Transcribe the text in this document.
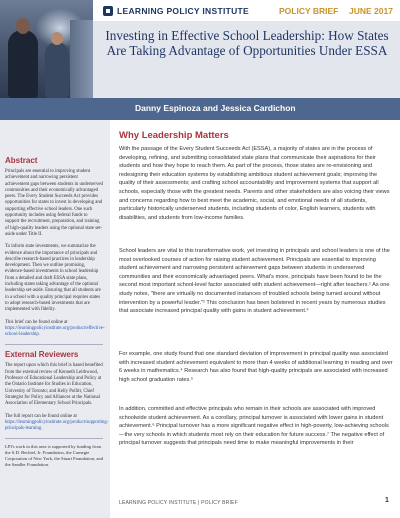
LEARNING POLICY INSTITUTE	POLICY BRIEF JUNE 2017
Investing in Effective School Leadership: How States Are Taking Advantage of Opportunities Under ESSA
Danny Espinoza and Jessica Cardichon
Abstract

Principals are essential to improving student achievement and narrowing persistent achievement gaps between students in underserved communities and their economically advantaged peers. The Every Student Succeeds Act provides opportunities for states to invest in developing and supporting effective school leaders. One such opportunity includes using federal funds to support the recruitment, preparation, and training of high-quality leaders using the optional state set-aside under Title II.

To inform state investments, we summarize the evidence about the importance of principals and describe research-based practices in leadership development. Then we outline promising, evidence-based investments in school leadership from a detailed and draft ESSA state plans, including states taking advantage of the optional leadership set-aside. Ensuring that all students are in a school with a quality principal requires states to adopt research-based investments that are implemented with fidelity.

This brief can be found online at https://learningpolicyinstitute.org/product/effective-school-leadership.

External Reviewers

The report upon which this brief is based benefited from the external review of Kenneth Leithwood, Professor of Educational Leadership and Policy at the Ontario Institute for Studies in Education, University of Toronto; and Kelly Pollitt, Chief Strategist for Policy and Alliances at the National Association of Elementary School Principals.

The full report can be found online at https://learningpolicyinstitute.org/product/supporting-principals-learning.

LPI's work in this area is supported by funding from the S.D. Bechtel, Jr. Foundation, the Carnegie Corporation of New York, the Stuart Foundation, and the Sandler Foundation.

Why Leadership Matters

With the passage of the Every Student Succeeds Act (ESSA), a majority of states are in the process of developing, refining, and submitting consolidated state plans that communicate their aspirations for their students and how they hope to reach them. As part of the process, those states are re-envisioning and redesigning their education systems by establishing ambitious student achievement goals; improving the quality of their assessments; and crafting school accountability and improvement systems that support all schools, especially those with the greatest needs. Parents and other stakeholders are also voicing their views and concerns regarding how to best meet the academic, social, and emotional needs of all students, particularly historically underserved students, including students of color, English learners, students with disabilities, and students from low-income families.

School leaders are vital to this transformative work, yet investing in principals and school leaders is one of the most overlooked courses of action for raising student achievement. Principals are essential to improving student achievement and narrowing persistent achievement gaps between students in underserved communities and their economically advantaged peers. What's more, principals have been found to be the second most important school-level factor associated with student achievement—right after teachers.¹ As one study notes, "there are virtually no documented instances of troubled schools being turned around without intervention by a powerful leader."² This conclusion has been bolstered in recent years by numerous studies that associate increased principal quality with gains in student achievement.³

For example, one study found that one standard deviation of improvement in principal quality was associated with increased student achievement equivalent to more than 4 weeks of additional learning in reading and over 6 weeks in mathematics.⁴ Research has also found that high-quality principals are associated with increased high school graduation rates.⁵

In addition, committed and effective principals who remain in their schools are associated with improved schoolwide student achievement. As a corollary, principal turnover is associated with lower gains in student achievement.⁶ Principal turnover has a more significant negative effect in high-poverty, low-achieving schools—the very schools in which students most rely on their education for future success.⁷ The negative effect of principal turnover suggests that principals need time to make meaningful improvements in their

LEARNING POLICY INSTITUTE | POLICY BRIEF	1
